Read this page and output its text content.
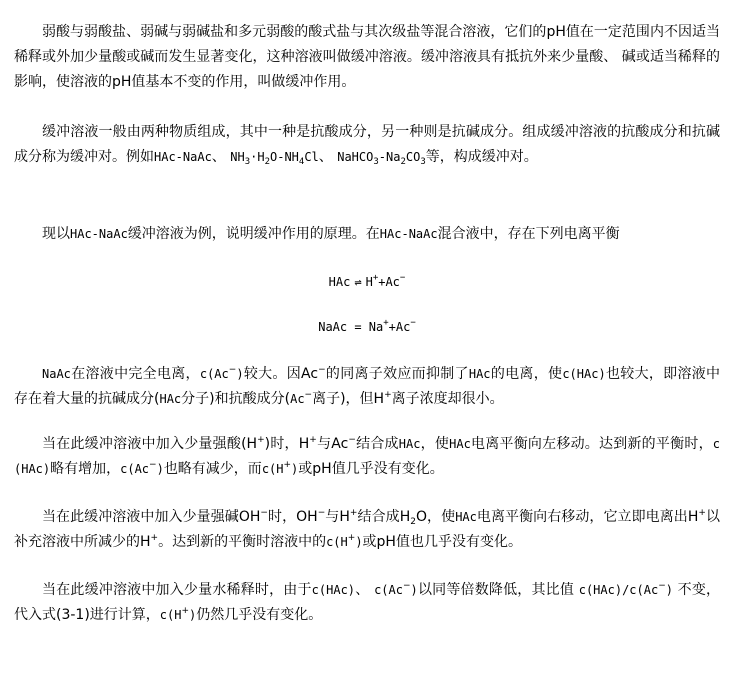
弱酸与弱酸盐、弱碱与弱碱盐和多元弱酸的酸式盐与其次级盐等混合溶液，它们的pH值在一定范围内不因适当稀释或外加少量酸或碱而发生显著变化，这种溶液叫做缓冲溶液。缓冲溶液具有抵抗外来少量酸、 碱或适当稀释的影响，使溶液的pH值基本不变的作用，叫做缓冲作用。

缓冲溶液一般由两种物质组成，其中一种是抗酸成分，另一种则是抗碱成分。组成缓冲溶液的抗酸成分和抗碱成分称为缓冲对。例如HAc-NaAc、 $NH_3\cdot H_2O-NH_4Cl$、 $NaHCO_3-Na_2CO_3$等，构成缓冲对。

现以HAc-NaAc缓冲溶液为例，说明缓冲作用的原理。在HAc-NaAc混合液中，存在下列电离平衡

HAc ⇌ H++Ac−
NaAc = Na++Ac−

NaAc在溶液中完全电离，c(Ac−)较大。因Ac−的同离子效应而抑制了HAc的电离，使c(HAc)也较大，即溶液中存在着大量的抗碱成分(HAc分子)和抗酸成分(Ac−离子)，但H+离子浓度却很小。

当在此缓冲溶液中加入少量强酸(H+)时，H+与Ac−结合成HAc，使HAc电离平衡向左移动。达到新的平衡时，c(HAc)略有增加，c(Ac−)也略有减少，而c(H+)或pH值几乎没有变化。

当在此缓冲溶液中加入少量强碱OH−时，OH−与H+结合成$H_2O$，使HAc电离平衡向右移动，它立即电离出H+以补充溶液中所减少的H+。达到新的平衡时溶液中的c(H+)或pH值也几乎没有变化。

当在此缓冲溶液中加入少量水稀释时，由于c(HAc)、 c(Ac−)以同等倍数降低，其比值 c(HAc)/c(Ac−) 不变，代入式(3-1)进行计算，c(H+)仍然几乎没有变化。
